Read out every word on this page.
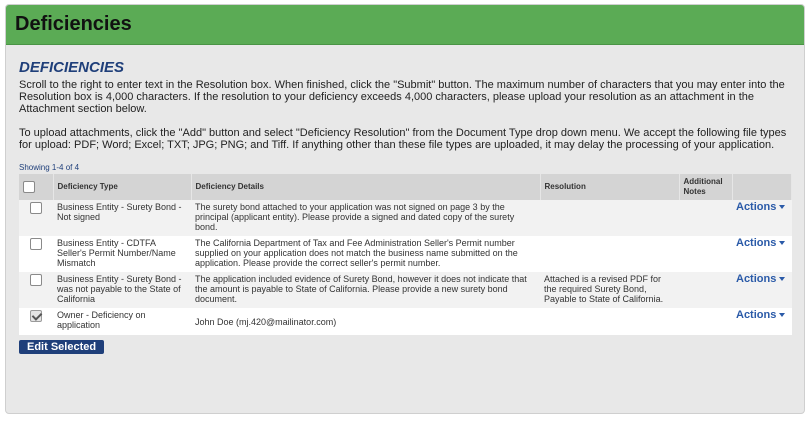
Deficiencies
DEFICIENCIES

Scroll to the right to enter text in the Resolution box. When finished, click the "Submit" button. The maximum number of characters that you may enter into the Resolution box is 4,000 characters. If the resolution to your deficiency exceeds 4,000 characters, please upload your resolution as an attachment in the Attachment section below.

To upload attachments, click the "Add" button and select "Deficiency Resolution" from the Document Type drop down menu. We accept the following file types for upload: PDF; Word; Excel; TXT; JPG; PNG; and Tiff. If anything other than these file types are uploaded, it may delay the processing of your application.

Showing 1-4 of 4
	Deficiency Type	Deficiency Details	Resolution	Additional Notes	
	Business Entity - Surety Bond - Not signed	The surety bond attached to your application was not signed on page 3 by the principal (applicant entity). Please provide a signed and dated copy of the surety bond.			Actions
	Business Entity - CDTFA Seller's Permit Number/Name Mismatch	The California Department of Tax and Fee Administration Seller's Permit number supplied on your application does not match the business name submitted on the application. Please provide the correct seller's permit number.			Actions
	Business Entity - Surety Bond - was not payable to the State of California	The application included evidence of Surety Bond, however it does not indicate that the amount is payable to State of California. Please provide a new surety bond document.	Attached is a revised PDF for the required Surety Bond, Payable to State of California.		Actions
	Owner - Deficiency on application	John Doe (mj.420@mailinator.com)			Actions
Edit Selected
